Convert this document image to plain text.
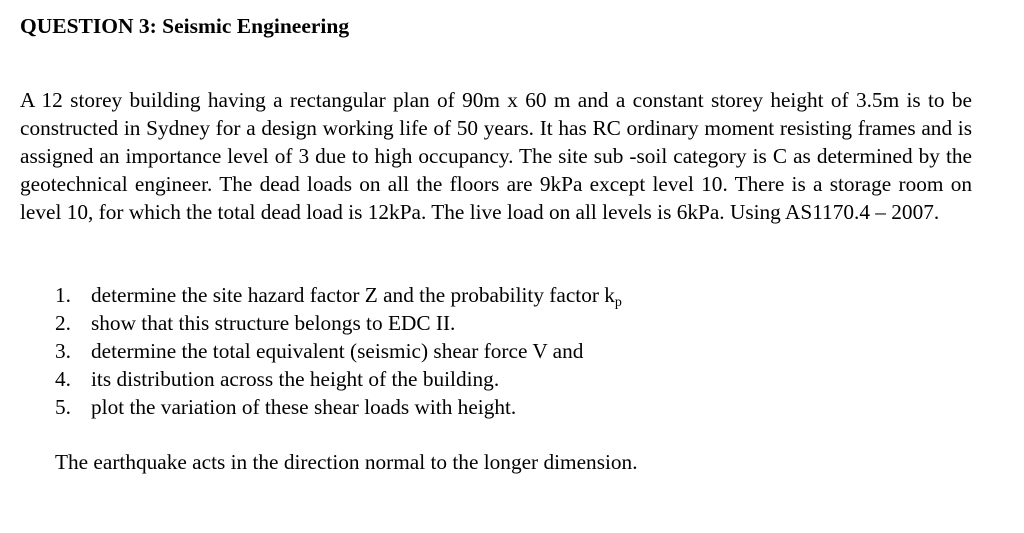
QUESTION 3: Seismic Engineering

A 12 storey building having a rectangular plan of 90m x 60 m and a constant storey height of 3.5m is to be constructed in Sydney for a design working life of 50 years. It has RC ordinary moment resisting frames and is assigned an importance level of 3 due to high occupancy. The site sub -soil category is C as determined by the geotechnical engineer. The dead loads on all the floors are 9kPa except level 10. There is a storage room on level 10, for which the total dead load is 12kPa. The live load on all levels is 6kPa. Using AS1170.4 – 2007.

1. determine the site hazard factor Z and the probability factor $k_p$
2. show that this structure belongs to EDC II.
3. determine the total equivalent (seismic) shear force V and
4. its distribution across the height of the building.
5. plot the variation of these shear loads with height.

The earthquake acts in the direction normal to the longer dimension.
